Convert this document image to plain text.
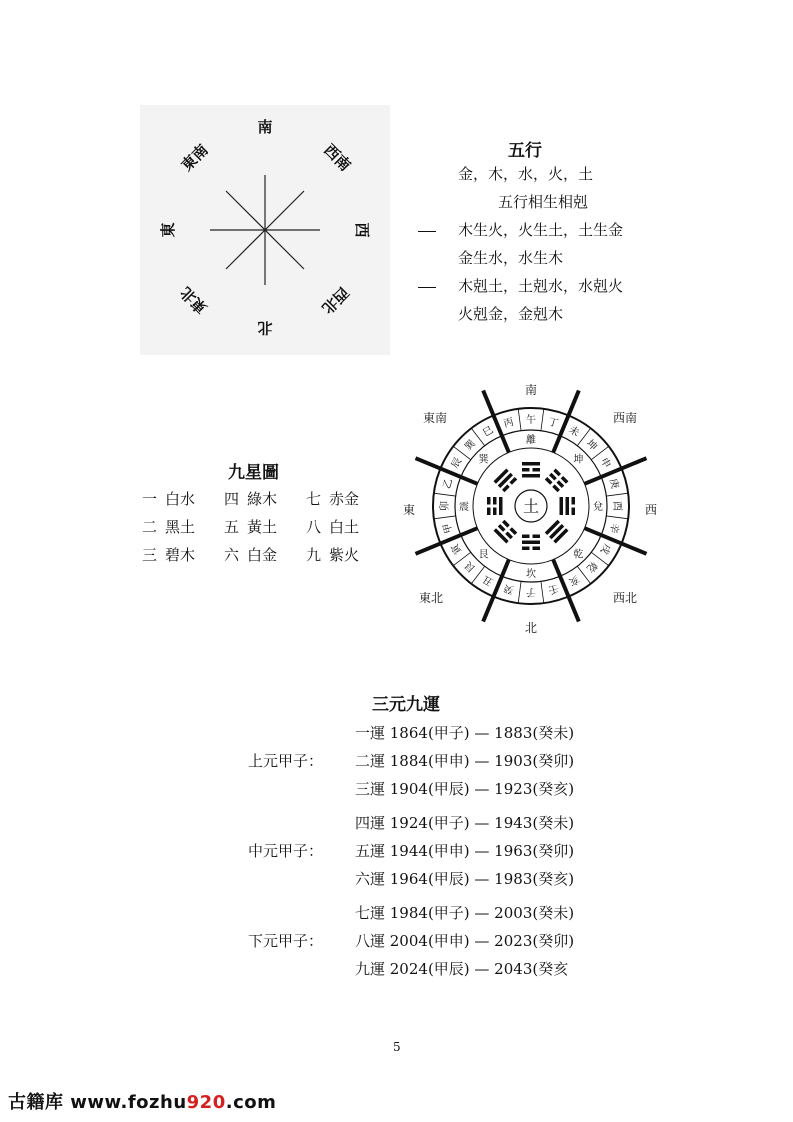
南
西南
西
西北
北
東北
東
東南	五行
金，木，水，火，土
五行相生相剋
木生火，火生土，土生金
金生水，水生木
木剋土，土剋水，水剋火
火剋金，金剋木
九星圖
一 白水	四 綠木	七 赤金
二 黑土	五 黃土	八 白土
三 碧木	六 白金	九 紫火
土
南
西南
西
西北
北
東北
東
東南	丙 午 丁
未
坤
申
庚
酉
辛
戌
乾
亥
壬
子
癸
丑
艮
寅
甲
卯
乙
辰
巽
巳
離
坤
兌
乾
坎
艮
震
巽
三元九運
上元甲子：
一運 1864(甲子) — 1883(癸未)
二運 1884(甲申) — 1903(癸卯)
三運 1904(甲辰) — 1923(癸亥)
中元甲子：
四運 1924(甲子) — 1943(癸未)
五運 1944(甲申) — 1963(癸卯)
六運 1964(甲辰) — 1983(癸亥)
下元甲子：
七運 1984(甲子) — 2003(癸未)
八運 2004(甲申) — 2023(癸卯)
九運 2024(甲辰) — 2043(癸亥
5
古籍库 www.fozhu920.com
